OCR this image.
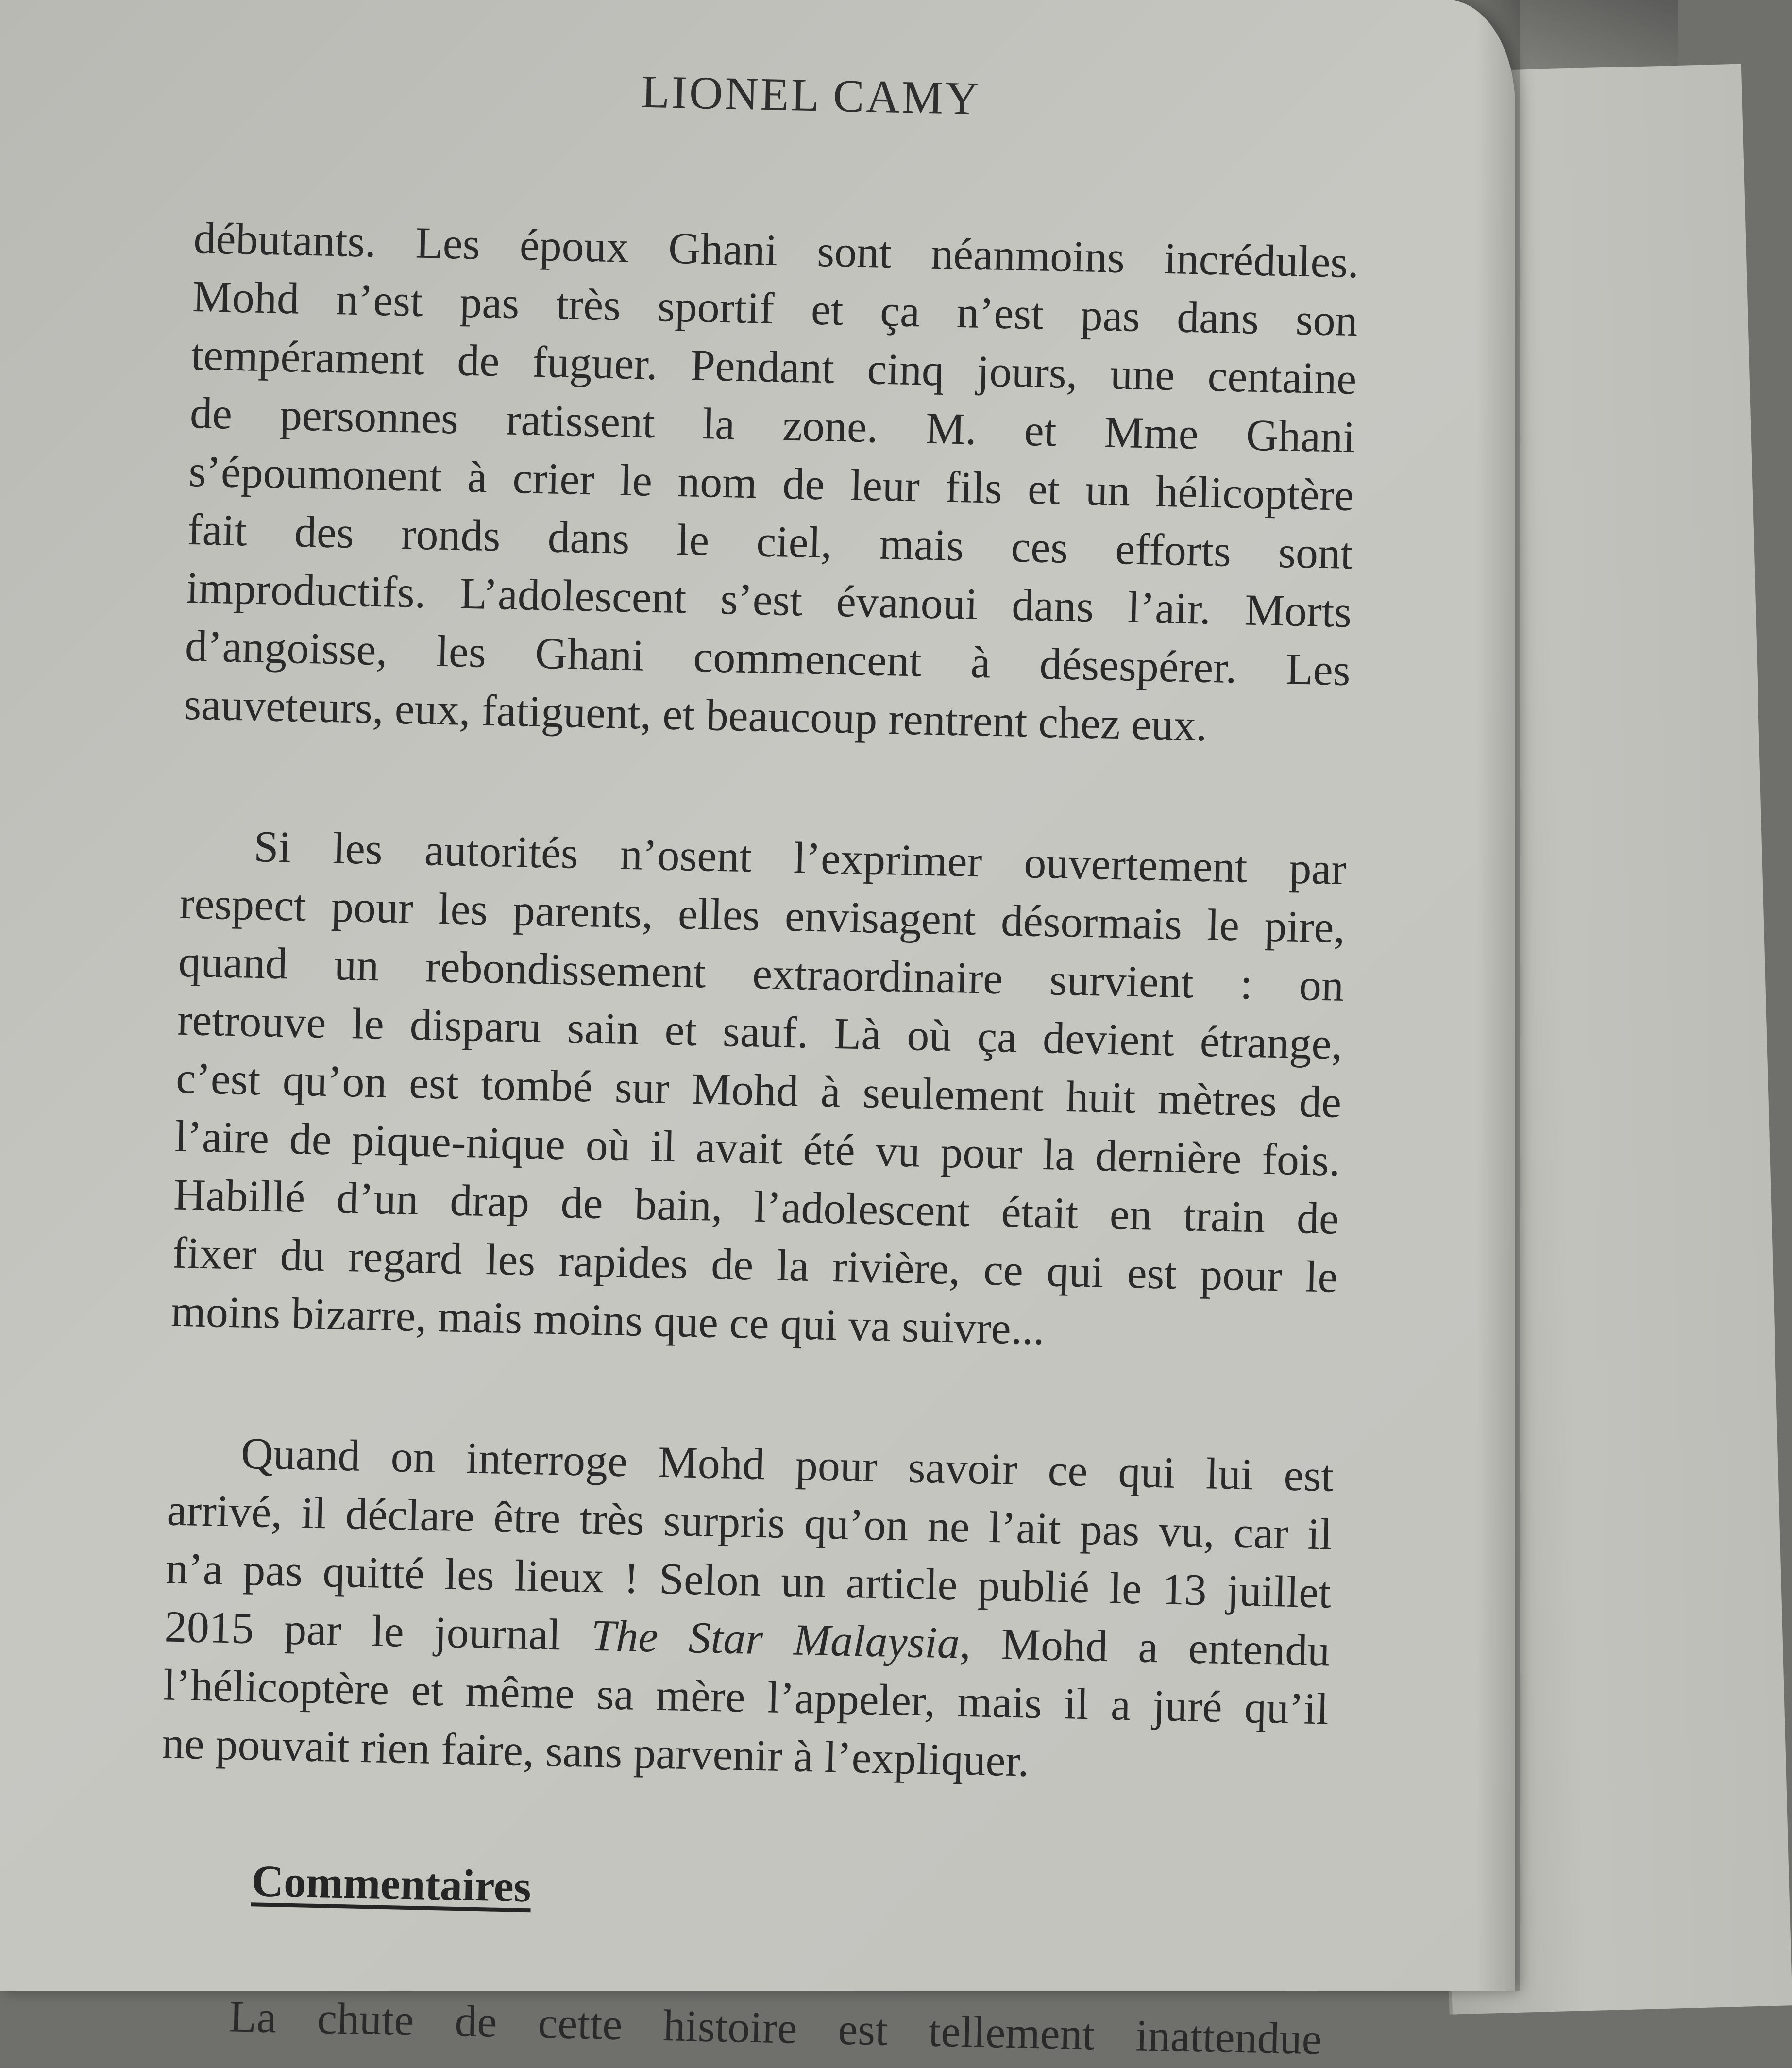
LIONEL CAMY
débutants. Les époux Ghani sont néanmoins incrédules.
Mohd n’est pas très sportif et ça n’est pas dans son
tempérament de fuguer. Pendant cinq jours, une centaine
de personnes ratissent la zone. M. et Mme Ghani
s’époumonent à crier le nom de leur fils et un hélicoptère
fait des ronds dans le ciel, mais ces efforts sont
improductifs. L’adolescent s’est évanoui dans l’air. Morts
d’angoisse, les Ghani commencent à désespérer. Les
sauveteurs, eux, fatiguent, et beaucoup rentrent chez eux.
Si les autorités n’osent l’exprimer ouvertement par
respect pour les parents, elles envisagent désormais le pire,
quand un rebondissement extraordinaire survient : on
retrouve le disparu sain et sauf. Là où ça devient étrange,
c’est qu’on est tombé sur Mohd à seulement huit mètres de
l’aire de pique-nique où il avait été vu pour la dernière fois.
Habillé d’un drap de bain, l’adolescent était en train de
fixer du regard les rapides de la rivière, ce qui est pour le
moins bizarre, mais moins que ce qui va suivre...
Quand on interroge Mohd pour savoir ce qui lui est
arrivé, il déclare être très surpris qu’on ne l’ait pas vu, car il
n’a pas quitté les lieux ! Selon un article publié le 13 juillet
2015 par le journal The Star Malaysia, Mohd a entendu
l’hélicoptère et même sa mère l’appeler, mais il a juré qu’il
ne pouvait rien faire, sans parvenir à l’expliquer.
Commentaires
La chute de cette histoire est tellement inattendue
